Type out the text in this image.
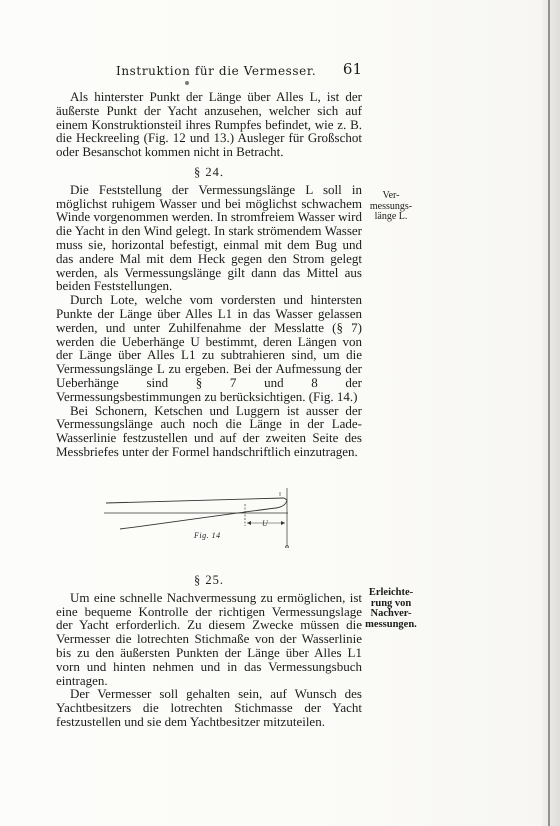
Instruktion für die Vermesser. 61

Als hinterster Punkt der Länge über Alles L, ist der äußerste Punkt der Yacht anzusehen, welcher sich auf einem Konstruktionsteil ihres Rumpfes befindet, wie z. B. die Heckreeling (Fig. 12 und 13.) Ausleger für Großschot oder Besanschot kommen nicht in Betracht.

§ 24.

Die Feststellung der Vermessungslänge L soll in möglichst ruhigem Wasser und bei möglichst schwachem Winde vorgenommen werden. In stromfreiem Wasser wird die Yacht in den Wind gelegt. In stark strömendem Wasser muss sie, horizontal befestigt, einmal mit dem Bug und das andere Mal mit dem Heck gegen den Strom gelegt werden, als Vermessungslänge gilt dann das Mittel aus beiden Feststellungen.

Durch Lote, welche vom vordersten und hintersten Punkte der Länge über Alles L1 in das Wasser gelassen werden, und unter Zuhilfenahme der Messlatte (§ 7) werden die Ueberhänge U bestimmt, deren Längen von der Länge über Alles L1 zu subtrahieren sind, um die Vermessungslänge L zu ergeben. Bei der Aufmessung der Ueberhänge sind § 7 und 8 der Vermessungsbestimmungen zu berücksichtigen. (Fig. 14.)

Bei Schonern, Ketschen und Luggern ist ausser der Vermessungslänge auch noch die Länge in der Lade-Wasserlinie festzustellen und auf der zweiten Seite des Messbriefes unter der Formel handschriftlich einzutragen.

Ver-
messungs-
länge L.
U
Fig. 14
§ 25.

Um eine schnelle Nachvermessung zu ermöglichen, ist eine bequeme Kontrolle der richtigen Vermessungslage der Yacht erforderlich. Zu diesem Zwecke müssen die Vermesser die lotrechten Stichmaße von der Wasserlinie bis zu den äußersten Punkten der Länge über Alles L1 vorn und hinten nehmen und in das Vermessungsbuch eintragen.

Der Vermesser soll gehalten sein, auf Wunsch des Yachtbesitzers die lotrechten Stichmasse der Yacht festzustellen und sie dem Yachtbesitzer mitzuteilen.

Erleichte-
rung von
Nachver-
messungen.
